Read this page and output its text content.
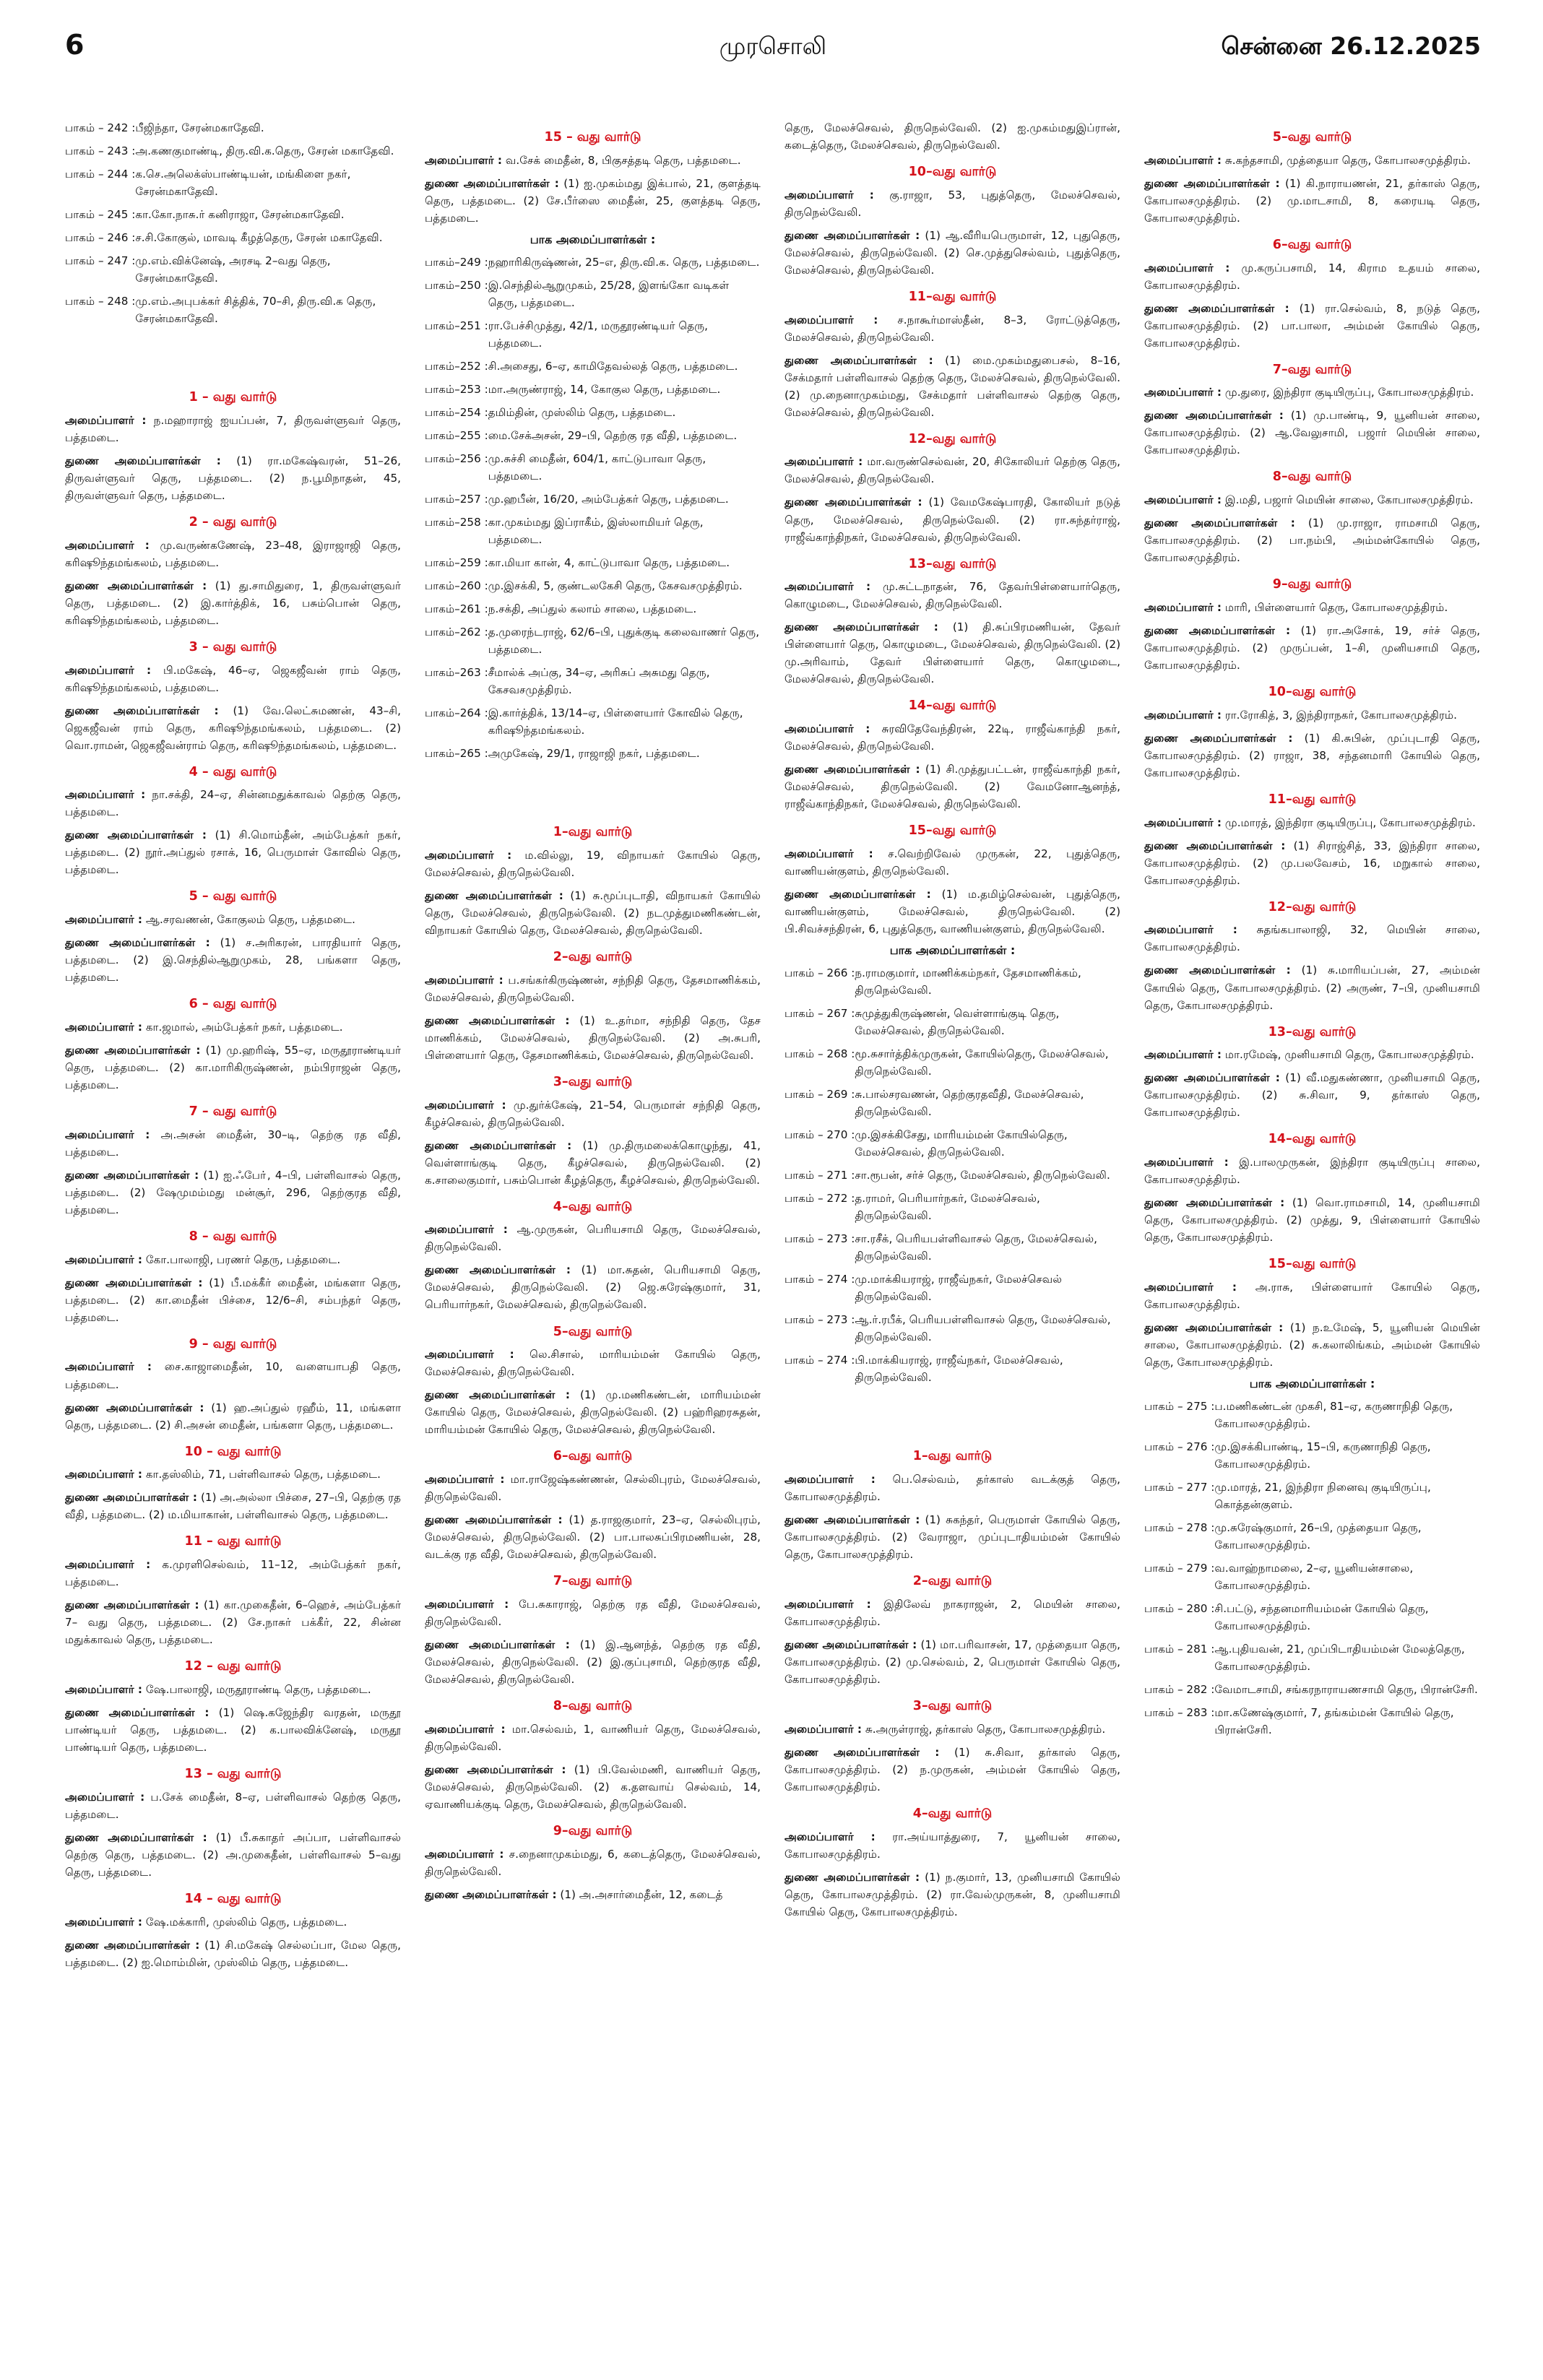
6	முரசொலி	சென்னை 26.12.2025
பாகம் – 242 : பீஜிந்தா, சேரன்மகாதேவி.
பாகம் – 243 : அ.கணகுமாண்டி, திரு.வி.க.தெரு, சேரன் மகாதேவி.
பாகம் – 244 : க.செ.அலெக்ஸ்பாண்டியன், மங்கிளை நகர், சேரன்மகாதேவி.
பாகம் – 245 : கா.கோ.நாசு.ர் கனிராஜா, சேரன்மகாதேவி.
பாகம் – 246 : ச.சி.கோகுல், மாவடி கீழத்தெரு, சேரன் மகாதேவி.
பாகம் – 247 : மு.எம்.விக்னேஷ், அரசடி 2–வது தெரு, சேரன்மகாதேவி.
பாகம் – 248 : மு.எம்.அபுபக்கர் சித்திக், 70–சி, திரு.வி.க தெரு, சேரன்மகாதேவி.
1 – வது வார்டு
அமைப்பாளர் : ந.மஹாராஜ் ஐயப்பன், 7, திருவள்ளுவர் தெரு, பத்தமடை.
துணை அமைப்பாளர்கள் : (1) ரா.மகேஷ்வரன், 51–26, திருவள்ளுவர் தெரு, பத்தமடை. (2) ந.பூமிநாதன், 45, திருவள்ளுவர் தெரு, பத்தமடை.
2 – வது வார்டு
அமைப்பாளர் : மு.வருண்கணேஷ், 23–48, இராஜாஜி தெரு, கரிஷூந்தமங்கலம், பத்தமடை.
துணை அமைப்பாளர்கள் : (1) து.சாமிதுரை, 1, திருவள்ளுவர் தெரு, பத்தமடை. (2) இ.கார்த்திக், 16, பசும்பொன் தெரு, கரிஷூந்தமங்கலம், பத்தமடை.
3 – வது வார்டு
அமைப்பாளர் : பி.மகேஷ், 46–ஏ, ஜெகஜீவன் ராம் தெரு, கரிஷூந்தமங்கலம், பத்தமடை.
துணை அமைப்பாளர்கள் : (1) வே.லெட்சுமணன், 43–சி, ஜெகஜீவன் ராம் தெரு, கரிஷூந்தமங்கலம், பத்தமடை. (2) வொ.ராமன், ஜெகஜீவன்ராம் தெரு, கரிஷூந்தமங்கலம், பத்தமடை.
4 – வது வார்டு
அமைப்பாளர் : நா.சக்தி, 24–ஏ, சின்னமதுக்காவல் தெற்கு தெரு, பத்தமடை.
துணை அமைப்பாளர்கள் : (1) சி.மொம்தீன், அம்பேத்கர் நகர், பத்தமடை. (2) நூர்.அப்துல் ரசாக், 16, பெருமாள் கோவில் தெரு, பத்தமடை.
5 – வது வார்டு
அமைப்பாளர் : ஆ.சரவணன், கோகுலம் தெரு, பத்தமடை.
துணை அமைப்பாளர்கள் : (1) ச.அரிகரன், பாரதியார் தெரு, பத்தமடை. (2) இ.செந்தில்ஆறுமுகம், 28, பங்களா தெரு, பத்தமடை.
6 – வது வார்டு
அமைப்பாளர் : கா.ஜமால், அம்பேத்கர் நகர், பத்தமடை.
துணை அமைப்பாளர்கள் : (1) மு.ஹரிஷ், 55–ஏ, மருதூராண்டியர் தெரு, பத்தமடை. (2) கா.மாரிகிருஷ்ணன், நம்பிராஜன் தெரு, பத்தமடை.
7 – வது வார்டு
அமைப்பாளர் : அ.அசன் மைதீன், 30–டி, தெற்கு ரத வீதி, பத்தமடை.
துணை அமைப்பாளர்கள் : (1) ஐ.ஃபோ், 4–பி, பள்ளிவாசல் தெரு, பத்தமடை. (2) ஷேமுமம்மது மன்சூர், 296, தெற்குரத வீதி, பத்தமடை.
8 – வது வார்டு
அமைப்பாளர் : கோ.பாலாஜி, பரணர் தெரு, பத்தமடை.
துணை அமைப்பாளர்கள் : (1) பீ.மக்கீர் மைதீன், மங்களா தெரு, பத்தமடை. (2) கா.மைதீன் பிச்சை, 12/6–சி, சம்பந்தர் தெரு, பத்தமடை.
9 – வது வார்டு
அமைப்பாளர் : சை.காஜாமைதீன், 10, வளையாபதி தெரு, பத்தமடை.
துணை அமைப்பாளர்கள் : (1) ஹ.அப்துல் ரஹீம், 11, மங்களா தெரு, பத்தமடை. (2) சி.அசன் மைதீன், பங்களா தெரு, பத்தமடை.
10 – வது வார்டு
அமைப்பாளர் : கா.தஸ்லிம், 71, பள்ளிவாசல் தெரு, பத்தமடை.
துணை அமைப்பாளர்கள் : (1) அ.அல்லா பிச்சை, 27–பி, தெற்கு ரத வீதி, பத்தமடை. (2) ம.மியாகான், பள்ளிவாசல் தெரு, பத்தமடை.
11 – வது வார்டு
அமைப்பாளர் : க.முரளிசெல்வம், 11–12, அம்பேத்கர் நகர், பத்தமடை.
துணை அமைப்பாளர்கள் : (1) கா.முகைதீன், 6–ஹெச், அம்பேத்கர் 7– வது தெரு, பத்தமடை. (2) சே.நாசுர் பக்கீர், 22, சின்ன மதுக்காவல் தெரு, பத்தமடை.
12 – வது வார்டு
அமைப்பாளர் : ஷே.பாலாஜி, மருதூராண்டி தெரு, பத்தமடை.
துணை அமைப்பாளர்கள் : (1) ஷெ.கஜேந்திர வரதன், மருதூ பாண்டியர் தெரு, பத்தமடை. (2) க.பாலவிக்னேஷ், மருதூ பாண்டியர் தெரு, பத்தமடை.
13 – வது வார்டு
அமைப்பாளர் : ப.சேக் மைதீன், 8–ஏ, பள்ளிவாசல் தெற்கு தெரு, பத்தமடை.
துணை அமைப்பாளர்கள் : (1) பீ.சுகாதர் அப்பா, பள்ளிவாசல் தெற்கு தெரு, பத்தமடை. (2) அ.முகைதீன், பள்ளிவாசல் 5–வது தெரு, பத்தமடை.
14 – வது வார்டு
அமைப்பாளர் : ஷே.மக்காரி, முஸ்லிம் தெரு, பத்தமடை.
துணை அமைப்பாளர்கள் : (1) சி.மகேஷ் செல்லப்பா, மேல தெரு, பத்தமடை. (2) ஐ.மொம்மின், முஸ்லிம் தெரு, பத்தமடை.
15 – வது வார்டு
அமைப்பாளர் : வ.சேக் மைதீன், 8, பிகுசத்தடி தெரு, பத்தமடை.
துணை அமைப்பாளர்கள் : (1) ஐ.முகம்மது இக்பால், 21, குளத்தடி தெரு, பத்தமடை. (2) சே.பீர்ஸை மைதீன், 25, குளத்தடி தெரு, பத்தமடை.
பாக அமைப்பாளர்கள் :
பாகம்–249 : நஹாரிகிருஷ்ணன், 25–எ, திரு.வி.க. தெரு, பத்தமடை.
பாகம்–250 : இ.செந்தில்ஆறுமுகம், 25/28, இளங்கோ வடிகள் தெரு, பத்தமடை.
பாகம்–251 : ரா.பேச்சிமுத்து, 42/1, மருதூரண்டியர் தெரு, பத்தமடை.
பாகம்–252 : சி.அசைது, 6–ஏ, காமிதேவல்லத் தெரு, பத்தமடை.
பாகம்–253 : மா.அருண்ராஜ், 14, கோகுல தெரு, பத்தமடை.
பாகம்–254 : தமிம்தின், முஸ்லிம் தெரு, பத்தமடை.
பாகம்–255 : மை.சேக்அசன், 29–பி, தெற்கு ரத வீதி, பத்தமடை.
பாகம்–256 : மு.சுச்சி மைதீன், 604/1, காட்டுபாவா தெரு, பத்தமடை.
பாகம்–257 : மு.ஹபீன், 16/20, அம்பேத்கர் தெரு, பத்தமடை.
பாகம்–258 : கா.முகம்மது இப்ராகீம், இஸ்லாமியர் தெரு, பத்தமடை.
பாகம்–259 : கா.மியா கான், 4, காட்டுபாவா தெரு, பத்தமடை.
பாகம்–260 : மு.இசக்கி, 5, குண்டலகேசி தெரு, கேசவசமுத்திரம்.
பாகம்–261 : ந.சக்தி, அப்துல் கலாம் சாலை, பத்தமடை.
பாகம்–262 : த.முரைந்டராஜ், 62/6–பி, புதுக்குடி கலைவாணர் தெரு, பத்தமடை.
பாகம்–263 : சீமால்க் அப்கு, 34–ஏ, அரிசுப் அசுமது தெரு, கேசவசமுத்திரம்.
பாகம்–264 : இ.கார்த்திக், 13/14–ஏ, பிள்ளையார் கோவில் தெரு, கரிஷூந்தமங்கலம்.
பாகம்–265 : அமுகேஷ், 29/1, ராஜாஜி நகர், பத்தமடை.
1–வது வார்டு
அமைப்பாளர் : ம.வில்லு, 19, விநாயகர் கோயில் தெரு, மேலச்செவல், திருநெல்வேலி.
துணை அமைப்பாளர்கள் : (1) சு.மூப்புடாதி, விநாயகர் கோயில் தெரு, மேலச்செவல், திருநெல்வேலி. (2) நடமுத்துமணிகண்டன், விநாயகர் கோயில் தெரு, மேலச்செவல், திருநெல்வேலி.
2–வது வார்டு
அமைப்பாளர் : ப.சங்கர்கிருஷ்ணன், சந்நிதி தெரு, தேசமாணிக்கம், மேலச்செவல், திருநெல்வேலி.
துணை அமைப்பாளர்கள் : (1) உ.தர்மா, சந்நிதி தெரு, தேச மாணிக்கம், மேலச்செவல், திருநெல்வேலி. (2) அ.சுபரி, பிள்ளையார் தெரு, தேசமாணிக்கம், மேலச்செவல், திருநெல்வேலி.
3–வது வார்டு
அமைப்பாளர் : மு.துர்க்கேஷ், 21–54, பெருமாள் சந்நிதி தெரு, கீழச்செவல், திருநெல்வேலி.
துணை அமைப்பாளர்கள் : (1) மு.திருமலைக்கொழுந்து, 41, வெள்ளாங்குடி தெரு, கீழச்செவல், திருநெல்வேலி. (2) க.சாலைகுமார், பசும்பொன் கீழத்தெரு, கீழச்செவல், திருநெல்வேலி.
4–வது வார்டு
அமைப்பாளர் : ஆ.முருகன், பெரியசாமி தெரு, மேலச்செவல், திருநெல்வேலி.
துணை அமைப்பாளர்கள் : (1) மா.சுதன், பெரியசாமி தெரு, மேலச்செவல், திருநெல்வேலி. (2) ஜெ.சுரேஷ்குமார், 31, பெரியார்நகர், மேலச்செவல், திருநெல்வேலி.
5–வது வார்டு
அமைப்பாளர் : லெ.சிசால், மாரியம்மன் கோயில் தெரு, மேலச்செவல், திருநெல்வேலி.
துணை அமைப்பாளர்கள் : (1) மு.மணிகண்டன், மாரியம்மன் கோயில் தெரு, மேலச்செவல், திருநெல்வேலி. (2) பஹ்ரிஹரசுதன், மாரியம்மன் கோயில் தெரு, மேலச்செவல், திருநெல்வேலி.
6–வது வார்டு
அமைப்பாளர் : மா.ராஜேஷ்கண்ணன், செல்லிபுரம், மேலச்செவல், திருநெல்வேலி.
துணை அமைப்பாளர்கள் : (1) த.ராஜகுமார், 23–ஏ, செல்லிபுரம், மேலச்செவல், திருநெல்வேலி. (2) பா.பாலசுப்பிரமணியன், 28, வடக்கு ரத வீதி, மேலச்செவல், திருநெல்வேலி.
7–வது வார்டு
அமைப்பாளர் : பே.சுகாராஜ், தெற்கு ரத வீதி, மேலச்செவல், திருநெல்வேலி.
துணை அமைப்பாளர்கள் : (1) இ.ஆனந்த், தெற்கு ரத வீதி, மேலச்செவல், திருநெல்வேலி. (2) இ.குப்புசாமி, தெற்குரத வீதி, மேலச்செவல், திருநெல்வேலி.
8–வது வார்டு
அமைப்பாளர் : மா.செல்வம், 1, வாணியர் தெரு, மேலச்செவல், திருநெல்வேலி.
துணை அமைப்பாளர்கள் : (1) பி.வேல்மணி, வாணியர் தெரு, மேலச்செவல், திருநெல்வேலி. (2) க.தளவாய் செல்வம், 14, ஏவாணியக்குடி தெரு, மேலச்செவல், திருநெல்வேலி.
9–வது வார்டு
அமைப்பாளர் : ச.நைனாமுகம்மது, 6, கடைத்தெரு, மேலச்செவல், திருநெல்வேலி.
துணை அமைப்பாளர்கள் : (1) அ.அசார்மைதீன், 12, கடைத்
தெரு, மேலச்செவல், திருநெல்வேலி. (2) ஐ.முகம்மதுஇப்ரான், கடைத்தெரு, மேலச்செவல், திருநெல்வேலி.
10–வது வார்டு
அமைப்பாளர் : கு.ராஜா, 53, புதுத்தெரு, மேலச்செவல், திருநெல்வேலி.
துணை அமைப்பாளர்கள் : (1) ஆ.வீரியபெருமாள், 12, புதுதெரு, மேலச்செவல், திருநெல்வேலி. (2) செ.முத்துசெல்வம், புதுத்தெரு, மேலச்செவல், திருநெல்வேலி.
11–வது வார்டு
அமைப்பாளர் : ச.நாகூர்மாஸ்தீன், 8–3, ரோட்டுத்தெரு, மேலச்செவல், திருநெல்வேலி.
துணை அமைப்பாளர்கள் : (1) மை.முகம்மதுபைசல், 8–16, சேக்மதார் பள்ளிவாசல் தெற்கு தெரு, மேலச்செவல், திருநெல்வேலி. (2) மு.நைனாமுகம்மது, சேக்மதார் பள்ளிவாசல் தெற்கு தெரு, மேலச்செவல், திருநெல்வேலி.
12–வது வார்டு
அமைப்பாளர் : மா.வருண்செல்வன், 20, சிகோலியர் தெற்கு தெரு, மேலச்செவல், திருநெல்வேலி.
துணை அமைப்பாளர்கள் : (1) வேமகேஷ்பாரதி, கோலியர் நடுத் தெரு, மேலச்செவல், திருநெல்வேலி. (2) ரா.சுந்தர்ராஜ், ராஜீவ்காந்திநகர், மேலச்செவல், திருநெல்வேலி.
13–வது வார்டு
அமைப்பாளர் : மு.சுட்டநாதன், 76, தேவர்பிள்ளையார்தெரு, கொழுமடை, மேலச்செவல், திருநெல்வேலி.
துணை அமைப்பாளர்கள் : (1) தி.சுப்பிரமணியன், தேவர் பிள்ளையார் தெரு, கொழுமடை, மேலச்செவல், திருநெல்வேலி. (2) மு.அரிவாம், தேவர் பிள்ளையார் தெரு, கொழுமடை, மேலச்செவல், திருநெல்வேலி.
14–வது வார்டு
அமைப்பாளர் : சுரவிதேவேந்திரன், 22டி, ராஜீவ்காந்தி நகர், மேலச்செவல், திருநெல்வேலி.
துணை அமைப்பாளர்கள் : (1) சி.முத்துபட்டன், ராஜீவ்காந்தி நகர், மேலச்செவல், திருநெல்வேலி. (2) வேமனோஆனந்த், ராஜீவ்காந்திநகர், மேலச்செவல், திருநெல்வேலி.
15–வது வார்டு
அமைப்பாளர் : ச.வெற்றிவேல் முருகன், 22, புதுத்தெரு, வாணியன்குளம், திருநெல்வேலி.
துணை அமைப்பாளர்கள் : (1) ம.தமிழ்செல்வன், புதுத்தெரு, வாணியன்குளம், மேலச்செவல், திருநெல்வேலி. (2) பி.சிவச்சந்திரன், 6, புதுத்தெரு, வாணியன்குளம், திருநெல்வேலி.
பாக அமைப்பாளர்கள் :
பாகம் – 266 : ந.ராமகுமார், மாணிக்கம்நகர், தேசமாணிக்கம், திருநெல்வேலி.
பாகம் – 267 : சுமுத்துகிருஷ்ணன், வெள்ளாங்குடி தெரு, மேலச்செவல், திருநெல்வேலி.
பாகம் – 268 : மூ.சுசார்த்திக்முருகன், கோயில்தெரு, மேலச்செவல், திருநெல்வேலி.
பாகம் – 269 : சு.பால்சரவணன், தெற்குரதவீதி, மேலச்செவல், திருநெல்வேலி.
பாகம் – 270 : மு.இசக்கிசேது, மாரியம்மன் கோயில்தெரு, மேலச்செவல், திருநெல்வேலி.
பாகம் – 271 : சா.ரூபன், சர்ச் தெரு, மேலச்செவல், திருநெல்வேலி.
பாகம் – 272 : த.ராமர், பெரியார்நகர், மேலச்செவல், திருநெல்வேலி.
பாகம் – 273 : சா.ரசீக், பெரியபள்ளிவாசல் தெரு, மேலச்செவல், திருநெல்வேலி.
பாகம் – 274 : மு.மாக்கியராஜ், ராஜீவ்நகர், மேலச்செவல் திருநெல்வேலி.
பாகம் – 273 : ஆ.ர்.ரபீக், பெரியபள்ளிவாசல் தெரு, மேலச்செவல், திருநெல்வேலி.
பாகம் – 274 : பி.மாக்கியராஜ், ராஜீவ்நகர், மேலச்செவல், திருநெல்வேலி.
1–வது வார்டு
அமைப்பாளர் : பெ.செல்வம், தர்காஸ் வடக்குத் தெரு, கோபாலசமுத்திரம்.
துணை அமைப்பாளர்கள் : (1) சுகந்தர், பெருமாள் கோயில் தெரு, கோபாலசமுத்திரம். (2) வேராஜா, முப்புடாதியம்மன் கோயில் தெரு, கோபாலசமுத்திரம்.
2–வது வார்டு
அமைப்பாளர் : இதிலேவ் நாகராஜன், 2, மெயின் சாலை, கோபாலசமுத்திரம்.
துணை அமைப்பாளர்கள் : (1) மா.பரிவாசன், 17, முத்தையா தெரு, கோபாலசமுத்திரம். (2) மு.செல்வம், 2, பெருமாள் கோயில் தெரு, கோபாலசமுத்திரம்.
3–வது வார்டு
அமைப்பாளர் : சு.அருள்ராஜ், தர்காஸ் தெரு, கோபாலசமுத்திரம்.
துணை அமைப்பாளர்கள் : (1) சு.சிவா, தர்காஸ் தெரு, கோபாலசமுத்திரம். (2) ந.முருகன், அம்மன் கோயில் தெரு, கோபாலசமுத்திரம்.
4–வது வார்டு
அமைப்பாளர் : ரா.அய்யாத்துரை, 7, யூனியன் சாலை, கோபாலசமுத்திரம்.
துணை அமைப்பாளர்கள் : (1) ந.குமார், 13, முனியசாமி கோயில் தெரு, கோபாலசமுத்திரம். (2) ரா.வேல்முருகன், 8, முனியசாமி கோயில் தெரு, கோபாலசமுத்திரம்.
5–வது வார்டு
அமைப்பாளர் : சு.கந்தசாமி, முத்தையா தெரு, கோபாலசமுத்திரம்.
துணை அமைப்பாளர்கள் : (1) கி.நாராயணன், 21, தர்காஸ் தெரு, கோபாலசமுத்திரம். (2) மு.மாடசாமி, 8, கரையடி தெரு, கோபாலசமுத்திரம்.
6–வது வார்டு
அமைப்பாளர் : மு.கருப்பசாமி, 14, கிராம உதயம் சாலை, கோபாலசமுத்திரம்.
துணை அமைப்பாளர்கள் : (1) ரா.செல்வம், 8, நடுத் தெரு, கோபாலசமுத்திரம். (2) பா.பாலா, அம்மன் கோயில் தெரு, கோபாலசமுத்திரம்.
7–வது வார்டு
அமைப்பாளர் : மு.துரை, இந்திரா குடியிருப்பு, கோபாலசமுத்திரம்.
துணை அமைப்பாளர்கள் : (1) மு.பாண்டி, 9, யூனியன் சாலை, கோபாலசமுத்திரம். (2) ஆ.வேலுசாமி, பஜார் மெயின் சாலை, கோபாலசமுத்திரம்.
8–வது வார்டு
அமைப்பாளர் : இ.மதி, பஜார் மெயின் சாலை, கோபாலசமுத்திரம்.
துணை அமைப்பாளர்கள் : (1) மு.ராஜா, ராமசாமி தெரு, கோபாலசமுத்திரம். (2) பா.நம்பி, அம்மன்கோயில் தெரு, கோபாலசமுத்திரம்.
9–வது வார்டு
அமைப்பாளர் : மாரி, பிள்ளையார் தெரு, கோபாலசமுத்திரம்.
துணை அமைப்பாளர்கள் : (1) ரா.அசோக், 19, சர்ச் தெரு, கோபாலசமுத்திரம். (2) முருப்பன், 1–சி, முனியசாமி தெரு, கோபாலசமுத்திரம்.
10–வது வார்டு
அமைப்பாளர் : ரா.ரோகித், 3, இந்திராநகர், கோபாலசமுத்திரம்.
துணை அமைப்பாளர்கள் : (1) கி.சுபின், முப்புடாதி தெரு, கோபாலசமுத்திரம். (2) ராஜா, 38, சந்தனமாரி கோயில் தெரு, கோபாலசமுத்திரம்.
11–வது வார்டு
அமைப்பாளர் : மு.மாரத், இந்திரா குடியிருப்பு, கோபாலசமுத்திரம்.
துணை அமைப்பாளர்கள் : (1) சிராஜ்சித், 33, இந்திரா சாலை, கோபாலசமுத்திரம். (2) மு.பலவேசம், 16, மறுகால் சாலை, கோபாலசமுத்திரம்.
12–வது வார்டு
அமைப்பாளர் : சுதங்கபாலாஜி, 32, மெயின் சாலை, கோபாலசமுத்திரம்.
துணை அமைப்பாளர்கள் : (1) சு.மாரியப்பன், 27, அம்மன் கோயில் தெரு, கோபாலசமுத்திரம். (2) அருண், 7–பி, முனியசாமி தெரு, கோபாலசமுத்திரம்.
13–வது வார்டு
அமைப்பாளர் : மா.ரமேஷ், முனியசாமி தெரு, கோபாலசமுத்திரம்.
துணை அமைப்பாளர்கள் : (1) வீ.மதுகண்ணா, முனியசாமி தெரு, கோபாலசமுத்திரம். (2) சு.சிவா, 9, தர்காஸ் தெரு, கோபாலசமுத்திரம்.
14–வது வார்டு
அமைப்பாளர் : இ.பாலமுருகன், இந்திரா குடியிருப்பு சாலை, கோபாலசமுத்திரம்.
துணை அமைப்பாளர்கள் : (1) வொ.ராமசாமி, 14, முனியசாமி தெரு, கோபாலசமுத்திரம். (2) முத்து, 9, பிள்ளையார் கோயில் தெரு, கோபாலசமுத்திரம்.
15–வது வார்டு
அமைப்பாளர் : அ.ராசு, பிள்ளையார் கோயில் தெரு, கோபாலசமுத்திரம்.
துணை அமைப்பாளர்கள் : (1) ந.உமேஷ், 5, யூனியன் மெயின் சாலை, கோபாலசமுத்திரம். (2) சு.கலாலிங்கம், அம்மன் கோயில் தெரு, கோபாலசமுத்திரம்.
பாக அமைப்பாளர்கள் :
பாகம் – 275 : ப.மணிகண்டன் முகசி, 81–ஏ, கருணாநிதி தெரு, கோபாலசமுத்திரம்.
பாகம் – 276 : மு.இசக்கிபாண்டி, 15–பி, கருணாநிதி தெரு, கோபாலசமுத்திரம்.
பாகம் – 277 : மு.மாரத், 21, இந்திரா நினைவு குடியிருப்பு, கொத்தன்குளம்.
பாகம் – 278 : மு.சுரேஷ்குமார், 26–பி, முத்தையா தெரு, கோபாலசமுத்திரம்.
பாகம் – 279 : வ.வாஹ்நாமலை, 2–ஏ, யூனியன்சாலை, கோபாலசமுத்திரம்.
பாகம் – 280 : சி.பட்டு, சந்தனமாரியம்மன் கோயில் தெரு, கோபாலசமுத்திரம்.
பாகம் – 281 : ஆ.புதியவன், 21, முப்பிடாதியம்மன் மேலத்தெரு, கோபாலசமுத்திரம்.
பாகம் – 282 : வேமாடசாமி, சங்கரநாராயணசாமி தெரு, பிரான்சேரி.
பாகம் – 283 : மா.கணேஷ்குமார், 7, தங்கம்மன் கோயில் தெரு, பிரான்சேரி.
